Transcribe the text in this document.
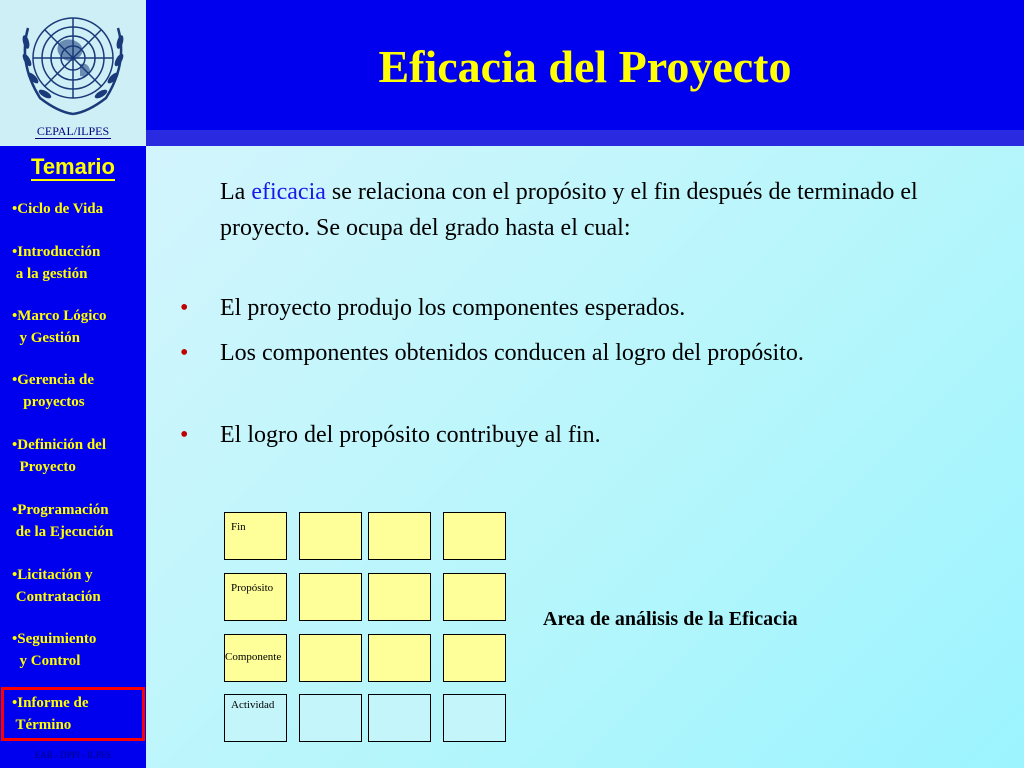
CEPAL/ILPES
Eficacia del Proyecto
Temario
•Ciclo de Vida
•Introducción
a la gestión
•Marco Lógico
y Gestión
•Gerencia de
proyectos
•Definición del
Proyecto
•Programación
de la Ejecución
•Licitación y
Contratación
•Seguimiento
y Control
•Informe de
Término
EAR - DPPI - ILPES
La eficacia se relaciona con el propósito y el fin después de terminado el proyecto. Se ocupa del grado hasta el cual:
• El proyecto produjo los componentes esperados.
• Los componentes obtenidos conducen al logro del propósito.
• El logro del propósito contribuye al fin.
Fin
Propósito
Componente
Actividad
Area de análisis de la Eficacia
